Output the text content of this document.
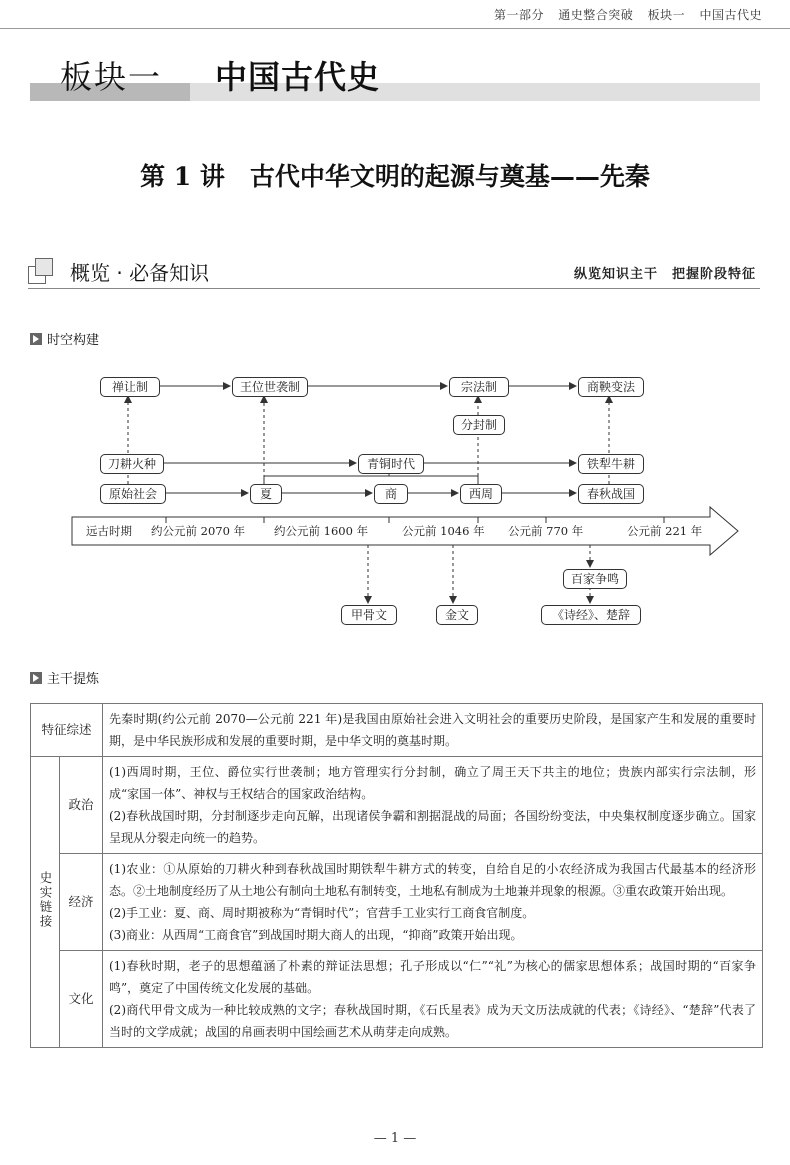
第一部分 通史整合突破 板块一 中国古代史
板块一 中国古代史
第 1 讲　古代中华文明的起源与奠基——先秦
概览 · 必备知识	纵览知识主干　把握阶段特征
时空构建
禅让制	王位世袭制	宗法制	商鞅变法
分封制
刀耕火种	青铜时代	铁犁牛耕
原始社会	夏	商	西周	春秋战国
远古时期 约公元前 2070 年	约公元前 1600 年	公元前 1046 年 公元前 770 年	公元前 221 年
甲骨文	金文
百家争鸣
《诗经》、楚辞
主干提炼
特征综述		先秦时期(约公元前 2070—公元前 221 年)是我国由原始社会进入文明社会的重要历史阶段，是国家产生和发展的重要时期，是中华民族形成和发展的重要时期，是中华文明的奠基时期。

史实链接	政治	(1)西周时期，王位、爵位实行世袭制；地方管理实行分封制，确立了周王天下共主的地位；贵族内部实行宗法制，形成“家国一体”、神权与王权结合的国家政治结构。

(2)春秋战国时期，分封制逐步走向瓦解，出现诸侯争霸和割据混战的局面；各国纷纷变法，中央集权制度逐步确立。国家呈现从分裂走向统一的趋势。

	经济	(1)农业：①从原始的刀耕火种到春秋战国时期铁犁牛耕方式的转变，自给自足的小农经济成为我国古代最基本的经济形态。②土地制度经历了从土地公有制向土地私有制转变，土地私有制成为土地兼并现象的根源。③重农政策开始出现。

(2)手工业：夏、商、周时期被称为“青铜时代”；官营手工业实行工商食官制度。

(3)商业：从西周“工商食官”到战国时期大商人的出现，“抑商”政策开始出现。

	文化	(1)春秋时期，老子的思想蕴涵了朴素的辩证法思想；孔子形成以“仁”“礼”为核心的儒家思想体系；战国时期的“百家争鸣”，奠定了中国传统文化发展的基础。

(2)商代甲骨文成为一种比较成熟的文字；春秋战国时期，《石氏星表》成为天文历法成就的代表；《诗经》、“楚辞”代表了当时的文学成就；战国的帛画表明中国绘画艺术从萌芽走向成熟。

— 1 —
